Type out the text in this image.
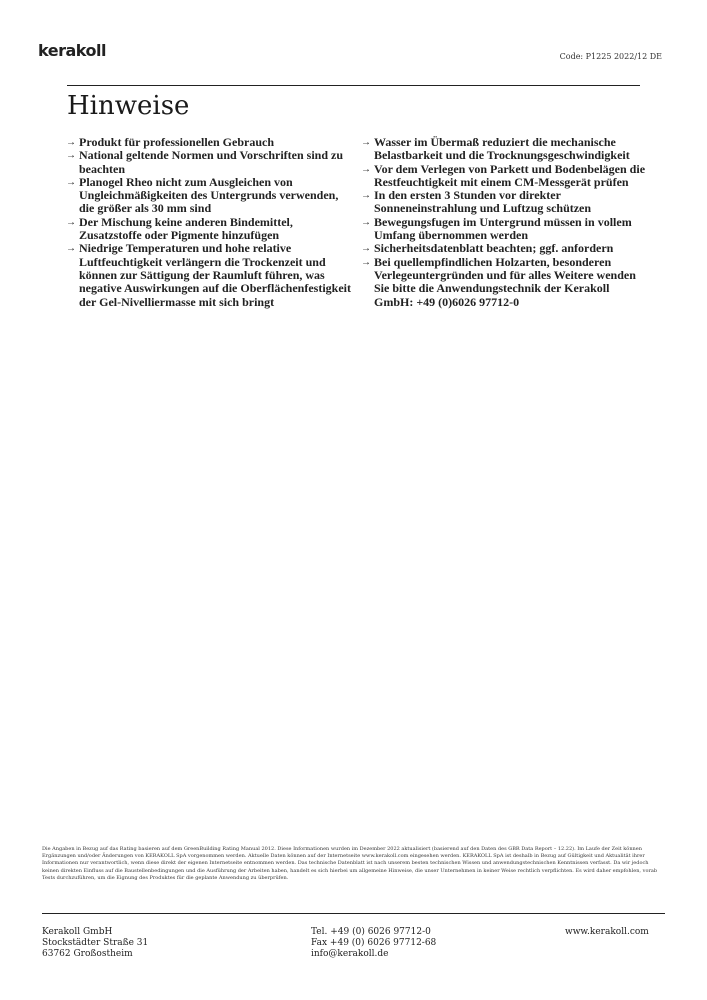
kerakoll	Code: P1225 2022/12 DE
Hinweise
→ Produkt für professionellen Gebrauch
→ National geltende Normen und Vorschriften sind zu beachten
→ Planogel Rheo nicht zum Ausgleichen von Ungleichmäßigkeiten des Untergrunds verwenden, die größer als 30 mm sind
→ Der Mischung keine anderen Bindemittel, Zusatzstoffe oder Pigmente hinzufügen
→ Niedrige Temperaturen und hohe relative Luftfeuchtigkeit verlängern die Trockenzeit und können zur Sättigung der Raumluft führen, was negative Auswirkungen auf die Oberflächenfestigkeit der Gel-Nivelliermasse mit sich bringt
→ Wasser im Übermaß reduziert die mechanische Belastbarkeit und die Trocknungsgeschwindigkeit
→ Vor dem Verlegen von Parkett und Bodenbelägen die Restfeuchtigkeit mit einem CM-Messgerät prüfen
→ In den ersten 3 Stunden vor direkter Sonneneinstrahlung und Luftzug schützen
→ Bewegungsfugen im Untergrund müssen in vollem Umfang übernommen werden
→ Sicherheitsdatenblatt beachten; ggf. anfordern
→ Bei quellempfindlichen Holzarten, besonderen Verlegeuntergründen und für alles Weitere wenden Sie bitte die Anwendungstechnik der Kerakoll GmbH: +49 (0)6026 97712-0

Die Angaben in Bezug auf das Rating basieren auf dem GreenBuilding Rating Manual 2012. Diese Informationen wurden im Dezember 2022 aktualisiert (basierend auf den Daten des GBR Data Report – 12.22). Im Laufe der Zeit können Ergänzungen und/oder Änderungen von KERAKOLL SpA vorgenommen werden. Aktuelle Daten können auf der Internetseite www.kerakoll.com eingesehen werden. KERAKOLL SpA ist deshalb in Bezug auf Gültigkeit und Aktualität ihrer Informationen nur verantwortlich, wenn diese direkt der eigenen Internetseite entnommen werden. Das technische Datenblatt ist nach unserem besten technischen Wissen und anwendungstechnischen Kenntnissen verfasst. Da wir jedoch keinen direkten Einfluss auf die Baustellenbedingungen und die Ausführung der Arbeiten haben, handelt es sich hierbei um allgemeine Hinweise, die unser Unternehmen in keiner Weise rechtlich verpflichten. Es wird daher empfohlen, vorab Tests durchzuführen, um die Eignung des Produktes für die geplante Anwendung zu überprüfen.

Kerakoll GmbH
Stockstädter Straße 31
63762 Großostheim
Tel. +49 (0) 6026 97712-0
Fax +49 (0) 6026 97712-68
info@kerakoll.de
www.kerakoll.com
